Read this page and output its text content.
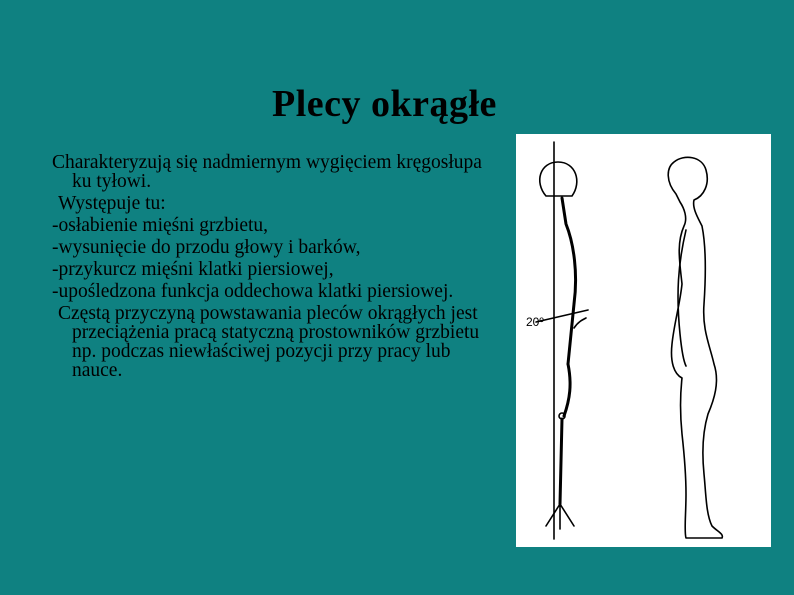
Plecy okrągłe

Charakteryzują się nadmiernym wygięciem kręgosłupa ku tyłowi.

Występuje tu:

-osłabienie mięśni grzbietu,

-wysunięcie do przodu głowy i barków,

-przykurcz mięśni klatki piersiowej,

-upośledzona funkcja oddechowa klatki piersiowej.

Częstą przyczyną powstawania pleców okrągłych jest przeciążenia pracą statyczną prostowników grzbietu np. podczas niewłaściwej pozycji przy pracy lub nauce.

20º
